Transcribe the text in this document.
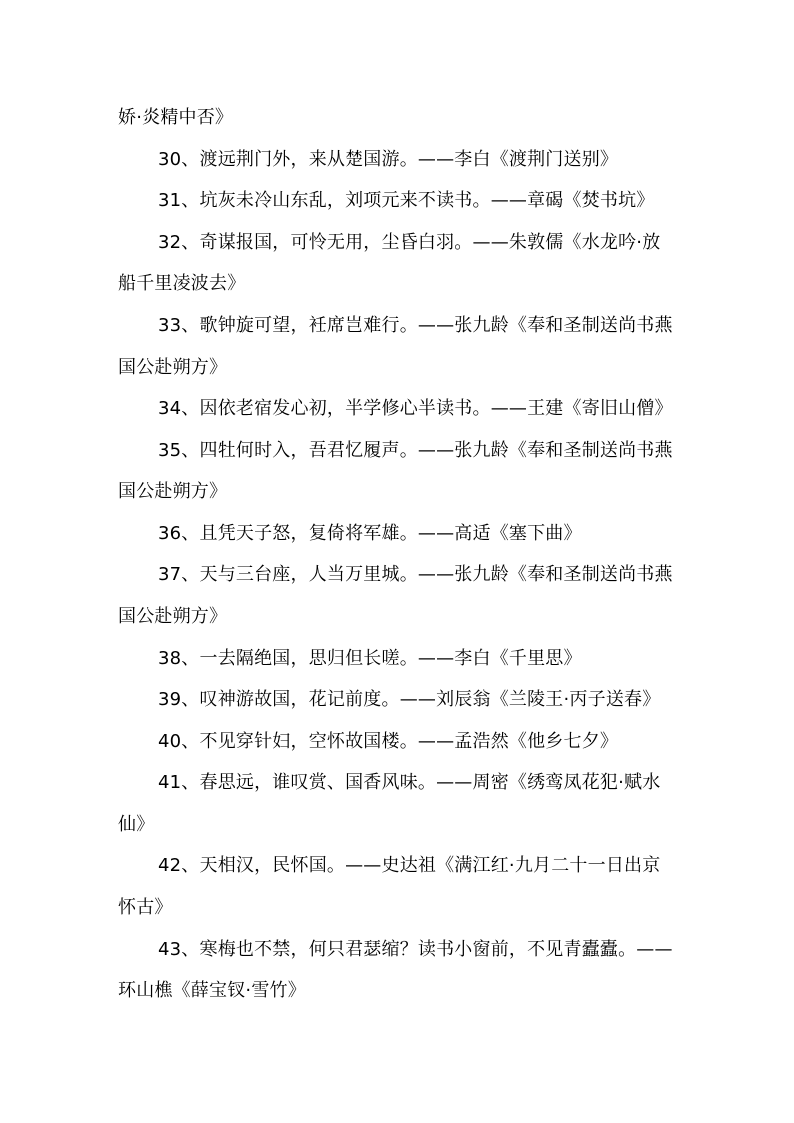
娇·炎精中否》
30、渡远荆门外，来从楚国游。——李白《渡荆门送别》
31、坑灰未冷山东乱，刘项元来不读书。——章碣《焚书坑》
32、奇谋报国，可怜无用，尘昏白羽。——朱敦儒《水龙吟·放
船千里凌波去》
33、歌钟旋可望，衽席岂难行。——张九龄《奉和圣制送尚书燕
国公赴朔方》
34、因依老宿发心初，半学修心半读书。——王建《寄旧山僧》
35、四牡何时入，吾君忆履声。——张九龄《奉和圣制送尚书燕
国公赴朔方》
36、且凭天子怒，复倚将军雄。——高适《塞下曲》
37、天与三台座，人当万里城。——张九龄《奉和圣制送尚书燕
国公赴朔方》
38、一去隔绝国，思归但长嗟。——李白《千里思》
39、叹神游故国，花记前度。——刘辰翁《兰陵王·丙子送春》
40、不见穿针妇，空怀故国楼。——孟浩然《他乡七夕》
41、春思远，谁叹赏、国香风味。——周密《绣鸾凤花犯·赋水
仙》
42、天相汉，民怀国。——史达祖《满江红·九月二十一日出京
怀古》
43、寒梅也不禁，何只君瑟缩？读书小窗前，不见青蠹蠹。——
环山樵《薛宝钗·雪竹》
